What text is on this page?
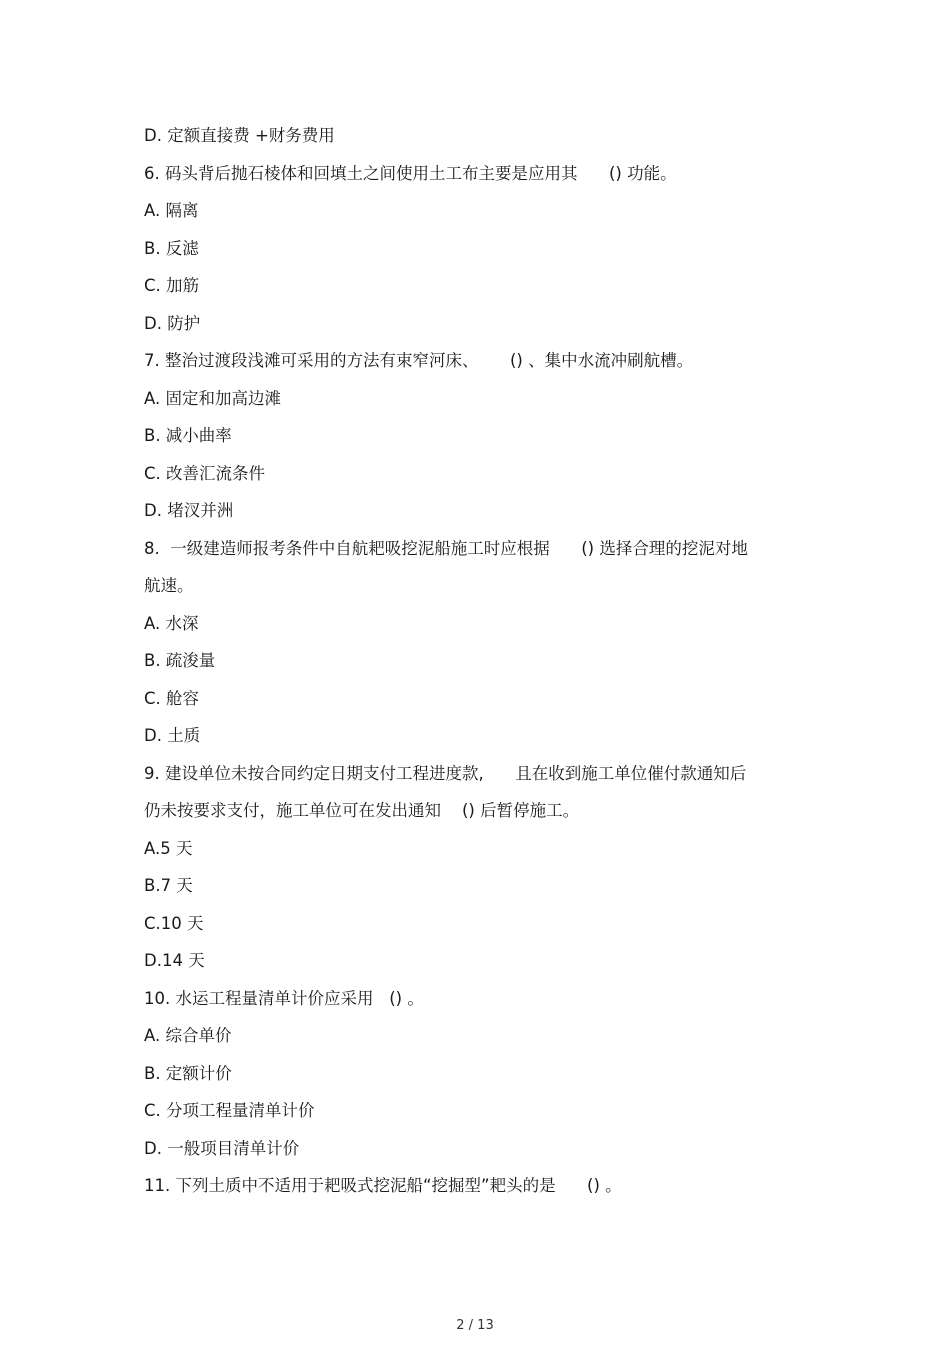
D. 定额直接费 +财务费用
6. 码头背后抛石棱体和回填土之间使用土工布主要是应用其      () 功能。
A. 隔离
B. 反滤
C. 加筋
D. 防护
7. 整治过渡段浅滩可采用的方法有束窄河床、      () 、集中水流冲刷航槽。
A. 固定和加高边滩
B. 减小曲率
C. 改善汇流条件
D. 堵汊并洲
8.  一级建造师报考条件中自航耙吸挖泥船施工时应根据      () 选择合理的挖泥对地
航速。
A. 水深
B. 疏浚量
C. 舱容
D. 土质
9. 建设单位未按合同约定日期支付工程进度款,      且在收到施工单位催付款通知后
仍未按要求支付，施工单位可在发出通知    () 后暂停施工。
A.5 天
B.7 天
C.10 天
D.14 天
10. 水运工程量清单计价应采用   () 。
A. 综合单价
B. 定额计价
C. 分项工程量清单计价
D. 一般项目清单计价
11. 下列土质中不适用于耙吸式挖泥船“挖掘型”耙头的是      () 。
2 / 13
